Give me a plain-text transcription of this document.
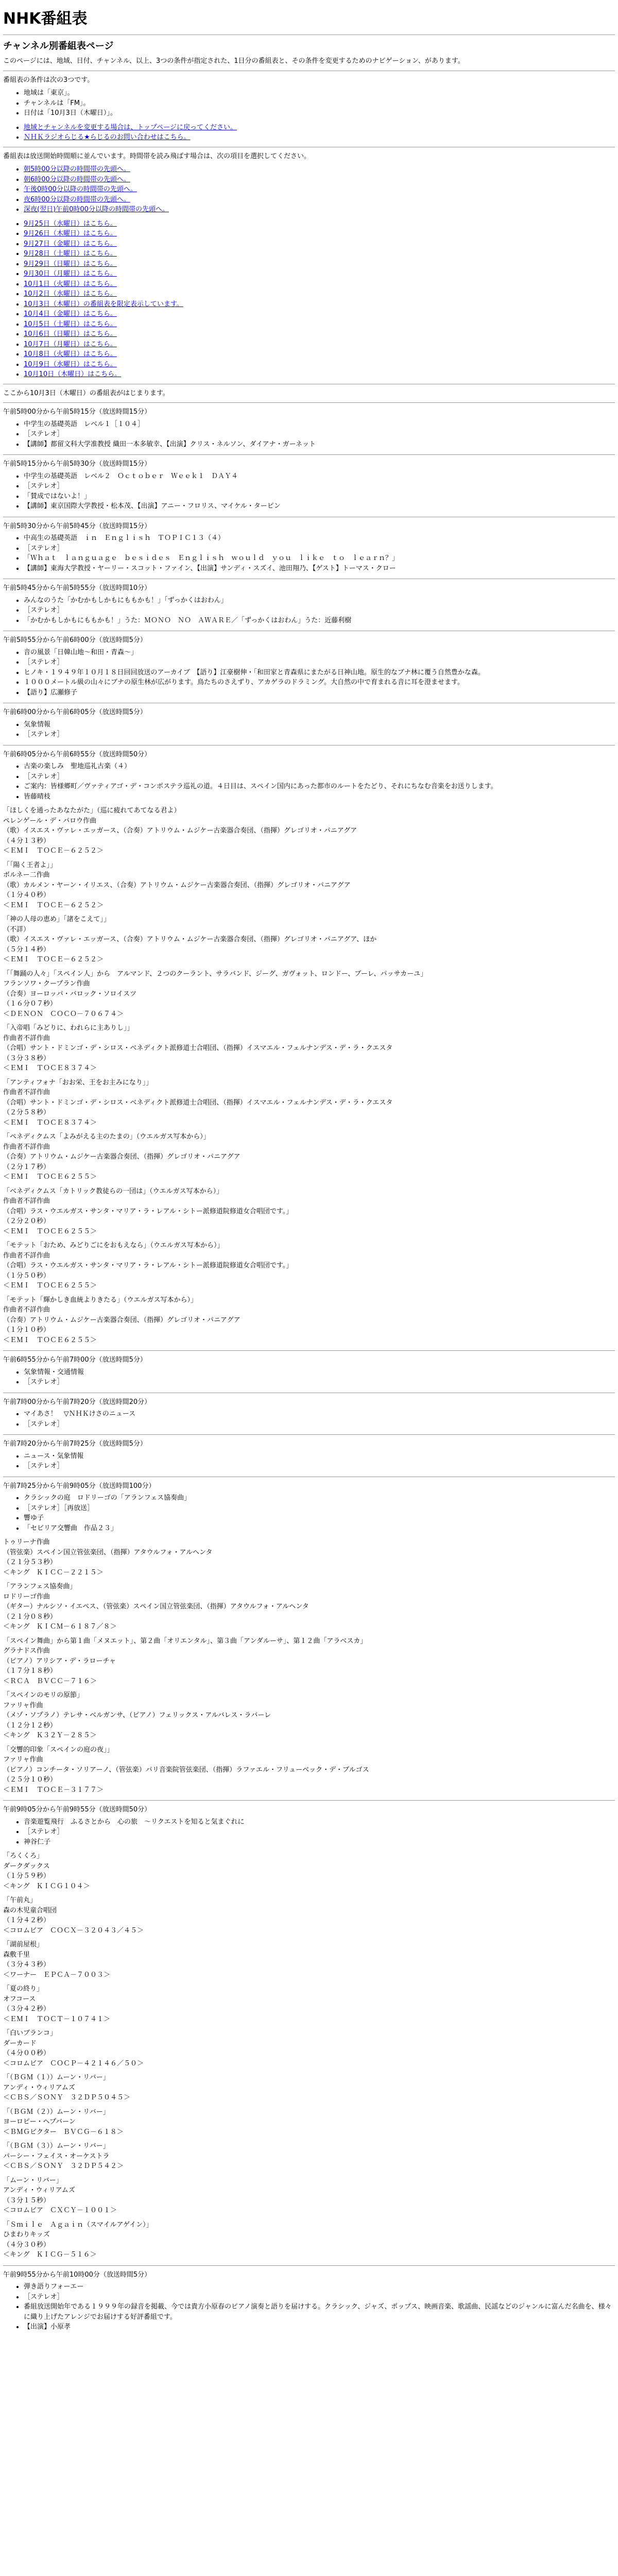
NHK番組表
チャンネル別番組表ページ

このページには、地域、日付、チャンネル、以上、3つの条件が指定された、1日分の番組表と、その条件を変更するためのナビゲーション、があります。

番組表の条件は次の3つです。

• 地域は「東京」。
• チャンネルは「FM」。
• 日付は「10月3日（木曜日）」。
• 地域とチャンネルを変更する場合は、トップページに戻ってください。
• ＮＨＫラジオらじる★らじるのお問い合わせはこちら。

番組表は放送開始時間順に並んでいます。時間帯を読み飛ばす場合は、次の項目を選択してください。

• 朝5時00分以降の時間帯の先頭へ。
• 朝6時00分以降の時間帯の先頭へ。
• 午後0時00分以降の時間帯の先頭へ。
• 夜6時00分以降の時間帯の先頭へ。
• 深夜(翌日)午前0時00分以降の時間帯の先頭へ。
• 9月25日（水曜日）はこちら。
• 9月26日（木曜日）はこちら。
• 9月27日（金曜日）はこちら。
• 9月28日（土曜日）はこちら。
• 9月29日（日曜日）はこちら。
• 9月30日（月曜日）はこちら。
• 10月1日（火曜日）はこちら。
• 10月2日（水曜日）はこちら。
• 10月3日（木曜日）の番組表を限定表示しています。
• 10月4日（金曜日）はこちら。
• 10月5日（土曜日）はこちら。
• 10月6日（日曜日）はこちら。
• 10月7日（月曜日）はこちら。
• 10月8日（火曜日）はこちら。
• 10月9日（水曜日）はこちら。
• 10月10日（木曜日）はこちら。

ここから10月3日（木曜日）の番組表がはじまります。

午前5時00分から午前5時15分（放送時間15分）

• 中学生の基礎英語　レベル１［１０４］
• ［ステレオ］
• 【講師】都留文科大学准教授 織田一本多敏幸、【出演】クリス・ネルソン、ダイアナ・ガーネット

午前5時15分から午前5時30分（放送時間15分）

• 中学生の基礎英語　レベル２　Ｏｃｔｏｂｅｒ　Ｗｅｅｋ１　ＤＡＹ４
• ［ステレオ］
• 「賛成ではないよ！」
• 【講師】東京国際大学教授・松本茂、【出演】アニー・フロリス、マイケル・ターピン

午前5時30分から午前5時45分（放送時間15分）

• 中高生の基礎英語　ｉｎ　Ｅｎｇｌｉｓｈ　ＴＯＰＩＣ１３（４）
• ［ステレオ］
• 「Ｗｈａｔ　ｌａｎｇｕａｇｅ　ｂｅｓｉｄｅｓ　Ｅｎｇｌｉｓｈ　ｗｏｕｌｄ　ｙｏｕ　ｌｉｋｅ　ｔｏ　ｌｅａｒｎ？」
• 【講師】東海大学教授・ヤーリー・スコット・ファイン、【出演】サンディ・スズイ、池田翔乃、【ゲスト】トーマス・クロー

午前5時45分から午前5時55分（放送時間10分）

• みんなのうた「かむかもしかもにももかも！」「ずっかくはおわん」
• ［ステレオ］
• 「かむかもしかもにももかも！」うた：ＭＯＮＯ　ＮＯ　ＡＷＡＲＥ／「ずっかくはおわん」うた：近藤利樹

午前5時55分から午前6時00分（放送時間5分）

• 音の風景「日韓山地～和田・青森～」
• ［ステレオ］
• ヒノキ・１９４９年１０月１８日回回放送のアーカイブ　【語り】江豪樹伸・「和田家と青森県にまたがる日神山地。原生的なブナ林に覆う自然豊かな森。
• １０００メートル級の山々にブナの原生林が広がります。鳥たちのさえずり、アカゲラのドラミング。大自然の中で育まれる音に耳を澄ませます。
• 【語り】広瀬修子

午前6時00分から午前6時05分（放送時間5分）

• 気象情報
• ［ステレオ］

午前6時05分から午前6時55分（放送時間50分）

• 古楽の楽しみ　聖地巡礼古楽（４）
• ［ステレオ］
• ご案内：皆様郷町／ヴァティアゴ・デ・コンポステラ巡礼の道。４日目は、スペイン国内にあった都市のルートをたどり、それにちなむ音楽をお送りします。
• 皆藤晴枝

「ほしくを通ったあなたがた」（巡に疲れてあてなる君よ）

ペレンゲール・デ・パロウ作曲

（歌）イスエス・ヴァレ・エッガース、（合奏）アトリウム・ムジケー古楽器合奏団、（指揮）グレゴリオ・パニアグア

（４分１３秒）

＜ＥＭＩ　ＴＯＣＥ－６２５２＞

「「陽く王者よ」」

ボルネー二作曲

（歌）カルメン・ヤーン・イリエス、（合奏）アトリウム・ムジケー古楽器合奏団、（指揮）グレゴリオ・パニアグア

（１分４０秒）

＜ＥＭＩ　ＴＯＣＥ－６２５２＞

「神の人母の恵め」「諸をこえて」」

（不詳）

（歌）イスエス・ヴァレ・エッガース、（合奏）アトリウム・ムジケー古楽器合奏団、（指揮）グレゴリオ・パニアグア、ほか

（５分１４秒）

＜ＥＭＩ　ＴＯＣＥ－６２５２＞

「「舞踊の人々」「スペイン人」から　アルマンド、２つのクーラント、サラバンド、ジーグ、ガヴォット、ロンドー、ブーレ、パッサカーユ」

フランソワ・クープラン作曲

（合奏）ヨーロッパ・バロック・ソロイスツ

（１６分０７秒）

＜ＤＥＮＯＮ　ＣＯＣＯ－７０６７４＞

「入帝唱「みどりに、われらに主ありし」」

作曲者不詳作曲

（合唱）サント・ドミンゴ・デ・シロス・ベネディクト派修道士合唱団、（指揮）イスマエル・フェルナンデス・デ・ラ・クエスタ

（３分３８秒）

＜ＥＭＩ　ＴＯＣＥ８３７４＞

「アンティフォナ「おお栄、王をお主みになり」」

作曲者不詳作曲

（合唱）サント・ドミンゴ・デ・シロス・ベネディクト派修道士合唱団、（指揮）イスマエル・フェルナンデス・デ・ラ・クエスタ

（２分５８秒）

＜ＥＭＩ　ＴＯＣＥ８３７４＞

「ペネディクムス「よみがえる主のたまの」（ウエルガス写本から）」

作曲者不詳作曲

（合奏）アトリウム・ムジケー古楽器合奏団、（指揮）グレゴリオ・パニアグア

（２分１７秒）

＜ＥＭＩ　ＴＯＣＥ６２５５＞

「ベネディクムス「カトリック教徒らの一団は」（ウエルガス写本から）」

作曲者不詳作曲

（合唱）ラス・ウエルガス・サンタ・マリア・ラ・レアル・シトー派修道院修道女合唱団です。」

（２分２０秒）

＜ＥＭＩ　ＴＯＣＥ６２５５＞

「モテット「おため、みどりごにをおもえなら」（ウエルガス写本から）」

作曲者不詳作曲

（合唱）ラス・ウエルガス・サンタ・マリア・ラ・レアル・シトー派修道院修道女合唱団です。」

（１分５０秒）

＜ＥＭＩ　ＴＯＣＥ６２５５＞

「モテット「輝かしき血統よりきたる」（ウエルガス写本から）」

作曲者不詳作曲

（合奏）アトリウム・ムジケー古楽器合奏団、（指揮）グレゴリオ・パニアグア

（１分１０秒）

＜ＥＭＩ　ＴＯＣＥ６２５５＞

午前6時55分から午前7時00分（放送時間5分）

• 気象情報・交通情報
• ［ステレオ］

午前7時00分から午前7時20分（放送時間20分）

• マイあさ！　▽ＮＨＫけさのニュース
• ［ステレオ］

午前7時20分から午前7時25分（放送時間5分）

• ニュース・気象情報
• ［ステレオ］

午前7時25分から午前9時05分（放送時間100分）

• クラシックの庭　ロドリーゴの「アランフェス協奏曲」
• ［ステレオ］［再放送］
• 響ゆ子
• 「セビリア交響曲　作品２３」

トゥリーナ作曲

（管弦楽）スペイン国立管弦楽団、（指揮）アタウルフォ・アルヘンタ

（２１分５３秒）

＜キング　ＫＩＣＣ－２２１５＞

「アランフェス協奏曲」

ロドリーゴ作曲

（ギター）ナルシソ・イエペス、（管弦楽）スペイン国立管弦楽団、（指揮）アタウルフォ・アルヘンタ

（２１分０８秒）

＜キング　ＫＩＣＭ－６１８７／８＞

「スペイン舞曲」から第１曲「メヌエット」、第２曲「オリエンタル」、第３曲「アンダルーサ」、第１２曲「アラベスカ」

グラナドス作曲

（ピアノ）アリシア・デ・ラローチャ

（１７分１８秒）

＜ＲＣＡ　ＢＶＣＣ－７１６＞

「スペインのモリの原節」

ファリャ作曲

（メゾ・ソプラノ）テレサ・ベルガンサ、（ピアノ）フェリックス・アルバレス・ラバーレ

（１２分１２秒）

＜キング　Ｋ３２Ｙ－２８５＞

「交響的印象「スペインの庭の夜」」

ファリャ作曲

（ピアノ）コンチータ・ソリアーノ、（管弦楽）パリ音楽院管弦楽団、（指揮）ラファエル・フリューベック・デ・ブルゴス

（２５分１０秒）

＜ＥＭＩ　ＴＯＣＥ－３１７７＞

午前9時05分から午前9時55分（放送時間50分）

• 音楽遊覧飛行　ふるさとから　心の旅　～リクエストを知ると気まぐれに
• ［ステレオ］
• 神谷仁子

「ろくくろ」

ダークダックス

（１分５９秒）

＜キング　ＫＩＣＧ１０４＞

「午前丸」

森の木児童合唱団

（１分４２秒）

＜コロムビア　ＣＯＣＸ－３２０４３／４５＞

「湖前屋根」

森敷千里

（３分４３秒）

＜ワーナー　ＥＰＣＡ－７００３＞

「夏の終り」

オフコース

（３分４２秒）

＜ＥＭＩ　ＴＯＣＴ－１０７４１＞

「白いブランコ」

ダーカード

（４分００秒）

＜コロムビア　ＣＯＣＰ－４２１４６／５０＞

「（ＢＧＭ（１））ムーン・リバー」

アンディ・ウィリアムズ

＜ＣＢＳ／ＳＯＮＹ　３２ＤＰ５０４５＞

「（ＢＧＭ（２））ムーン・リバー」

ヨーロピー・ヘプバーン

＜ＢＭＧビクター　ＢＶＣＧ－６１８＞

「（ＢＧＭ（３））ムーン・リバー」

パーシー・フェイス・オーケストラ

＜ＣＢＳ／ＳＯＮＹ　３２ＤＰ５４２＞

「ムーン・リバー」

アンディ・ウィリアムズ

（３分１５秒）

＜コロムビア　ＣＸＣＹ－１００１＞

「Ｓｍｉｌｅ　Ａｇａｉｎ（スマイルアゲイン）」

ひまわりキッズ

（４分３０秒）

＜キング　ＫＩＣＧ－５１６＞

午前9時55分から午前10時00分（放送時間5分）

• 弾き語りフォーエー
• ［ステレオ］
• 番組放送開始年である１９９９年の録音を掲載、今では貴方小原春のピアノ演奏と語りを届けする。クラシック、ジャズ、ポップス、映画音楽、歌謡曲、民謡などのジャンルに富んだ名曲を、様々に織り上げたアレンジでお届けする好評番組です。
• 【出演】小原孝
